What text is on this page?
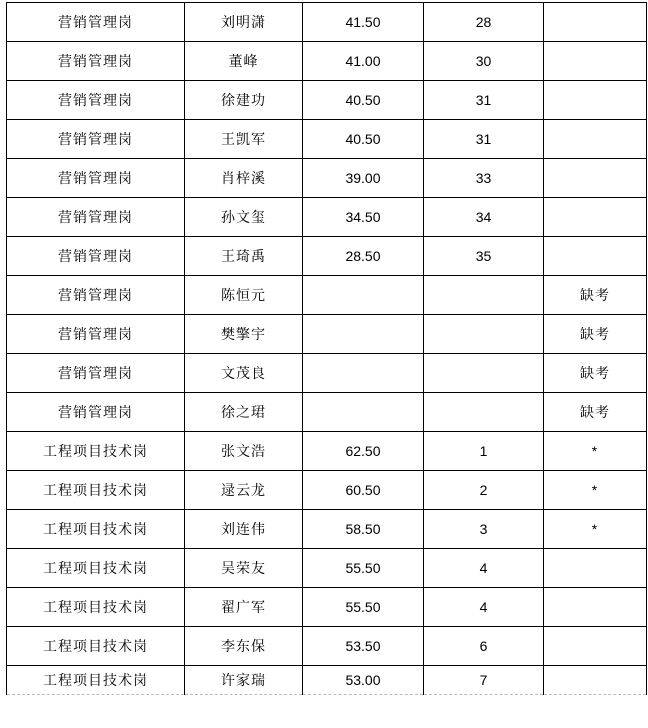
营销管理岗	刘明潇	41.50	28	
营销管理岗	董峰	41.00	30	
营销管理岗	徐建功	40.50	31	
营销管理岗	王凯军	40.50	31	
营销管理岗	肖梓溪	39.00	33	
营销管理岗	孙文玺	34.50	34	
营销管理岗	王琦禹	28.50	35	
营销管理岗	陈恒元			缺考
营销管理岗	樊擎宇			缺考
营销管理岗	文茂良			缺考
营销管理岗	徐之珺			缺考
工程项目技术岗	张文浩	62.50	1	*
工程项目技术岗	逯云龙	60.50	2	*
工程项目技术岗	刘连伟	58.50	3	*
工程项目技术岗	吴荣友	55.50	4	
工程项目技术岗	翟广军	55.50	4	
工程项目技术岗	李东保	53.50	6	
工程项目技术岗	许家瑞	53.00	7	
